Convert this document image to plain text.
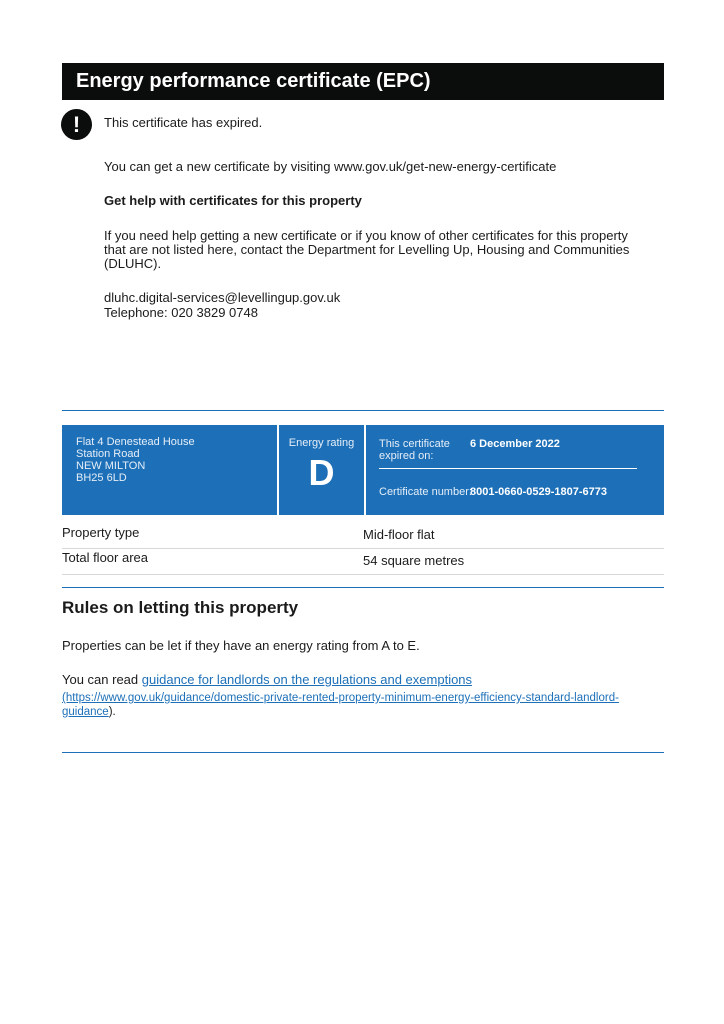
Energy performance certificate (EPC)
!	This certificate has expired.
You can get a new certificate by visiting www.gov.uk/get-new-energy-certificate
Get help with certificates for this property
If you need help getting a new certificate or if you know of other certificates for this property
that are not listed here, contact the Department for Levelling Up, Housing and Communities
(DLUHC).
dluhc.digital-services@levellingup.gov.uk
Telephone: 020 3829 0748
Flat 4 Denestead House
Station Road
NEW MILTON
BH25 6LD
Energy rating
D
This certificate
expired on:
6 December 2022
Certificate number:
8001-0660-0529-1807-6773
Property type	Mid-floor flat
Total floor area	54 square metres
Rules on letting this property
Properties can be let if they have an energy rating from A to E.
You can read guidance for landlords on the regulations and exemptions
(https://www.gov.uk/guidance/domestic-private-rented-property-minimum-energy-efficiency-standard-landlord-
guidance).
